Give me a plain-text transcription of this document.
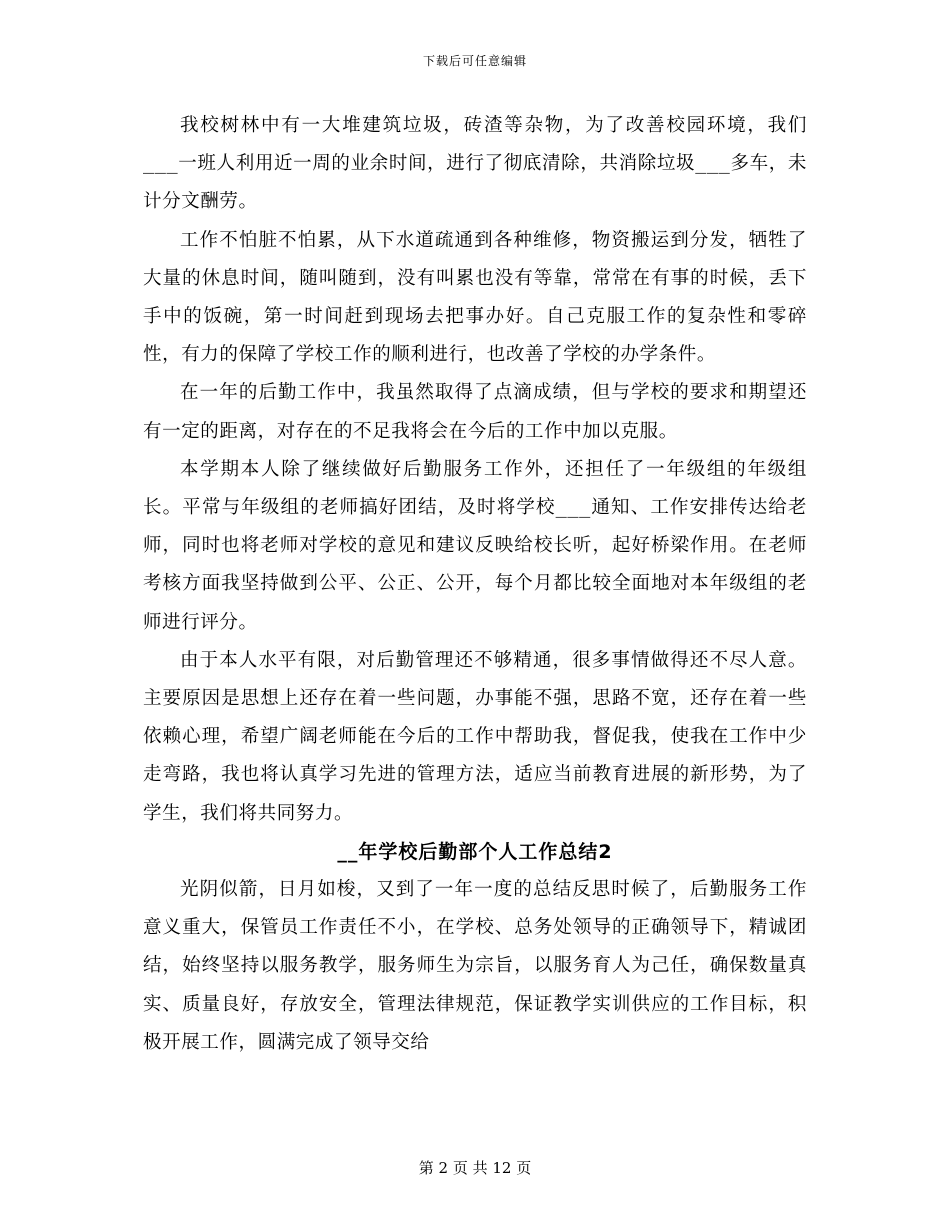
下载后可任意编辑

我校树林中有一大堆建筑垃圾，砖渣等杂物，为了改善校园环境，我们___一班人利用近一周的业余时间，进行了彻底清除，共消除垃圾___多车，未计分文酬劳。

工作不怕脏不怕累，从下水道疏通到各种维修，物资搬运到分发，牺牲了大量的休息时间，随叫随到，没有叫累也没有等靠，常常在有事的时候，丢下手中的饭碗，第一时间赶到现场去把事办好。自己克服工作的复杂性和零碎性，有力的保障了学校工作的顺利进行，也改善了学校的办学条件。

在一年的后勤工作中，我虽然取得了点滴成绩，但与学校的要求和期望还有一定的距离，对存在的不足我将会在今后的工作中加以克服。

本学期本人除了继续做好后勤服务工作外，还担任了一年级组的年级组长。平常与年级组的老师搞好团结，及时将学校___通知、工作安排传达给老师，同时也将老师对学校的意见和建议反映给校长听，起好桥梁作用。在老师考核方面我坚持做到公平、公正、公开，每个月都比较全面地对本年级组的老师进行评分。

由于本人水平有限，对后勤管理还不够精通，很多事情做得还不尽人意。主要原因是思想上还存在着一些问题，办事能不强，思路不宽，还存在着一些依赖心理，希望广阔老师能在今后的工作中帮助我，督促我，使我在工作中少走弯路，我也将认真学习先进的管理方法，适应当前教育进展的新形势，为了学生，我们将共同努力。

__年学校后勤部个人工作总结2

光阴似箭，日月如梭，又到了一年一度的总结反思时候了，后勤服务工作意义重大，保管员工作责任不小，在学校、总务处领导的正确领导下，精诚团结，始终坚持以服务教学，服务师生为宗旨，以服务育人为己任，确保数量真实、质量良好，存放安全，管理法律规范，保证教学实训供应的工作目标，积极开展工作，圆满完成了领导交给

第 2 页 共 12 页
